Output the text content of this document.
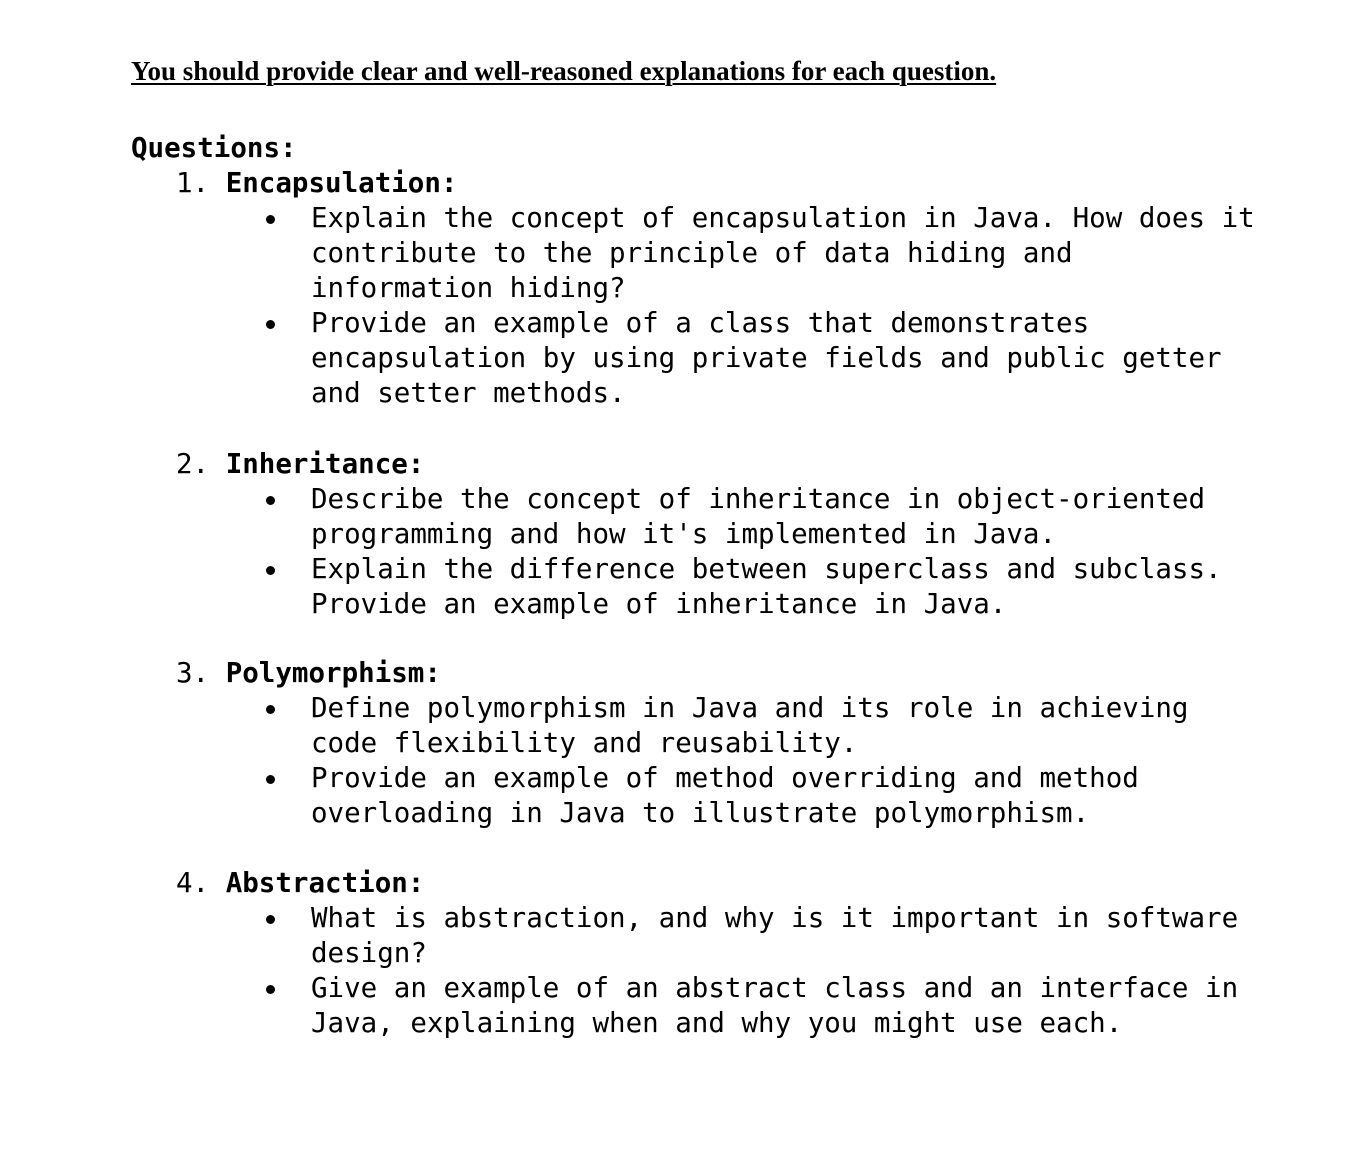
You should provide clear and well-reasoned explanations for each question.

Questions:

1. Encapsulation:

Explain the concept of encapsulation in Java. How does it
contribute to the principle of data hiding and
information hiding?
Provide an example of a class that demonstrates
encapsulation by using private fields and public getter
and setter methods.

2. Inheritance:

Describe the concept of inheritance in object-oriented
programming and how it's implemented in Java.
Explain the difference between superclass and subclass.
Provide an example of inheritance in Java.

3. Polymorphism:

Define polymorphism in Java and its role in achieving
code flexibility and reusability.
Provide an example of method overriding and method
overloading in Java to illustrate polymorphism.

4. Abstraction:

What is abstraction, and why is it important in software
design?
Give an example of an abstract class and an interface in
Java, explaining when and why you might use each.
